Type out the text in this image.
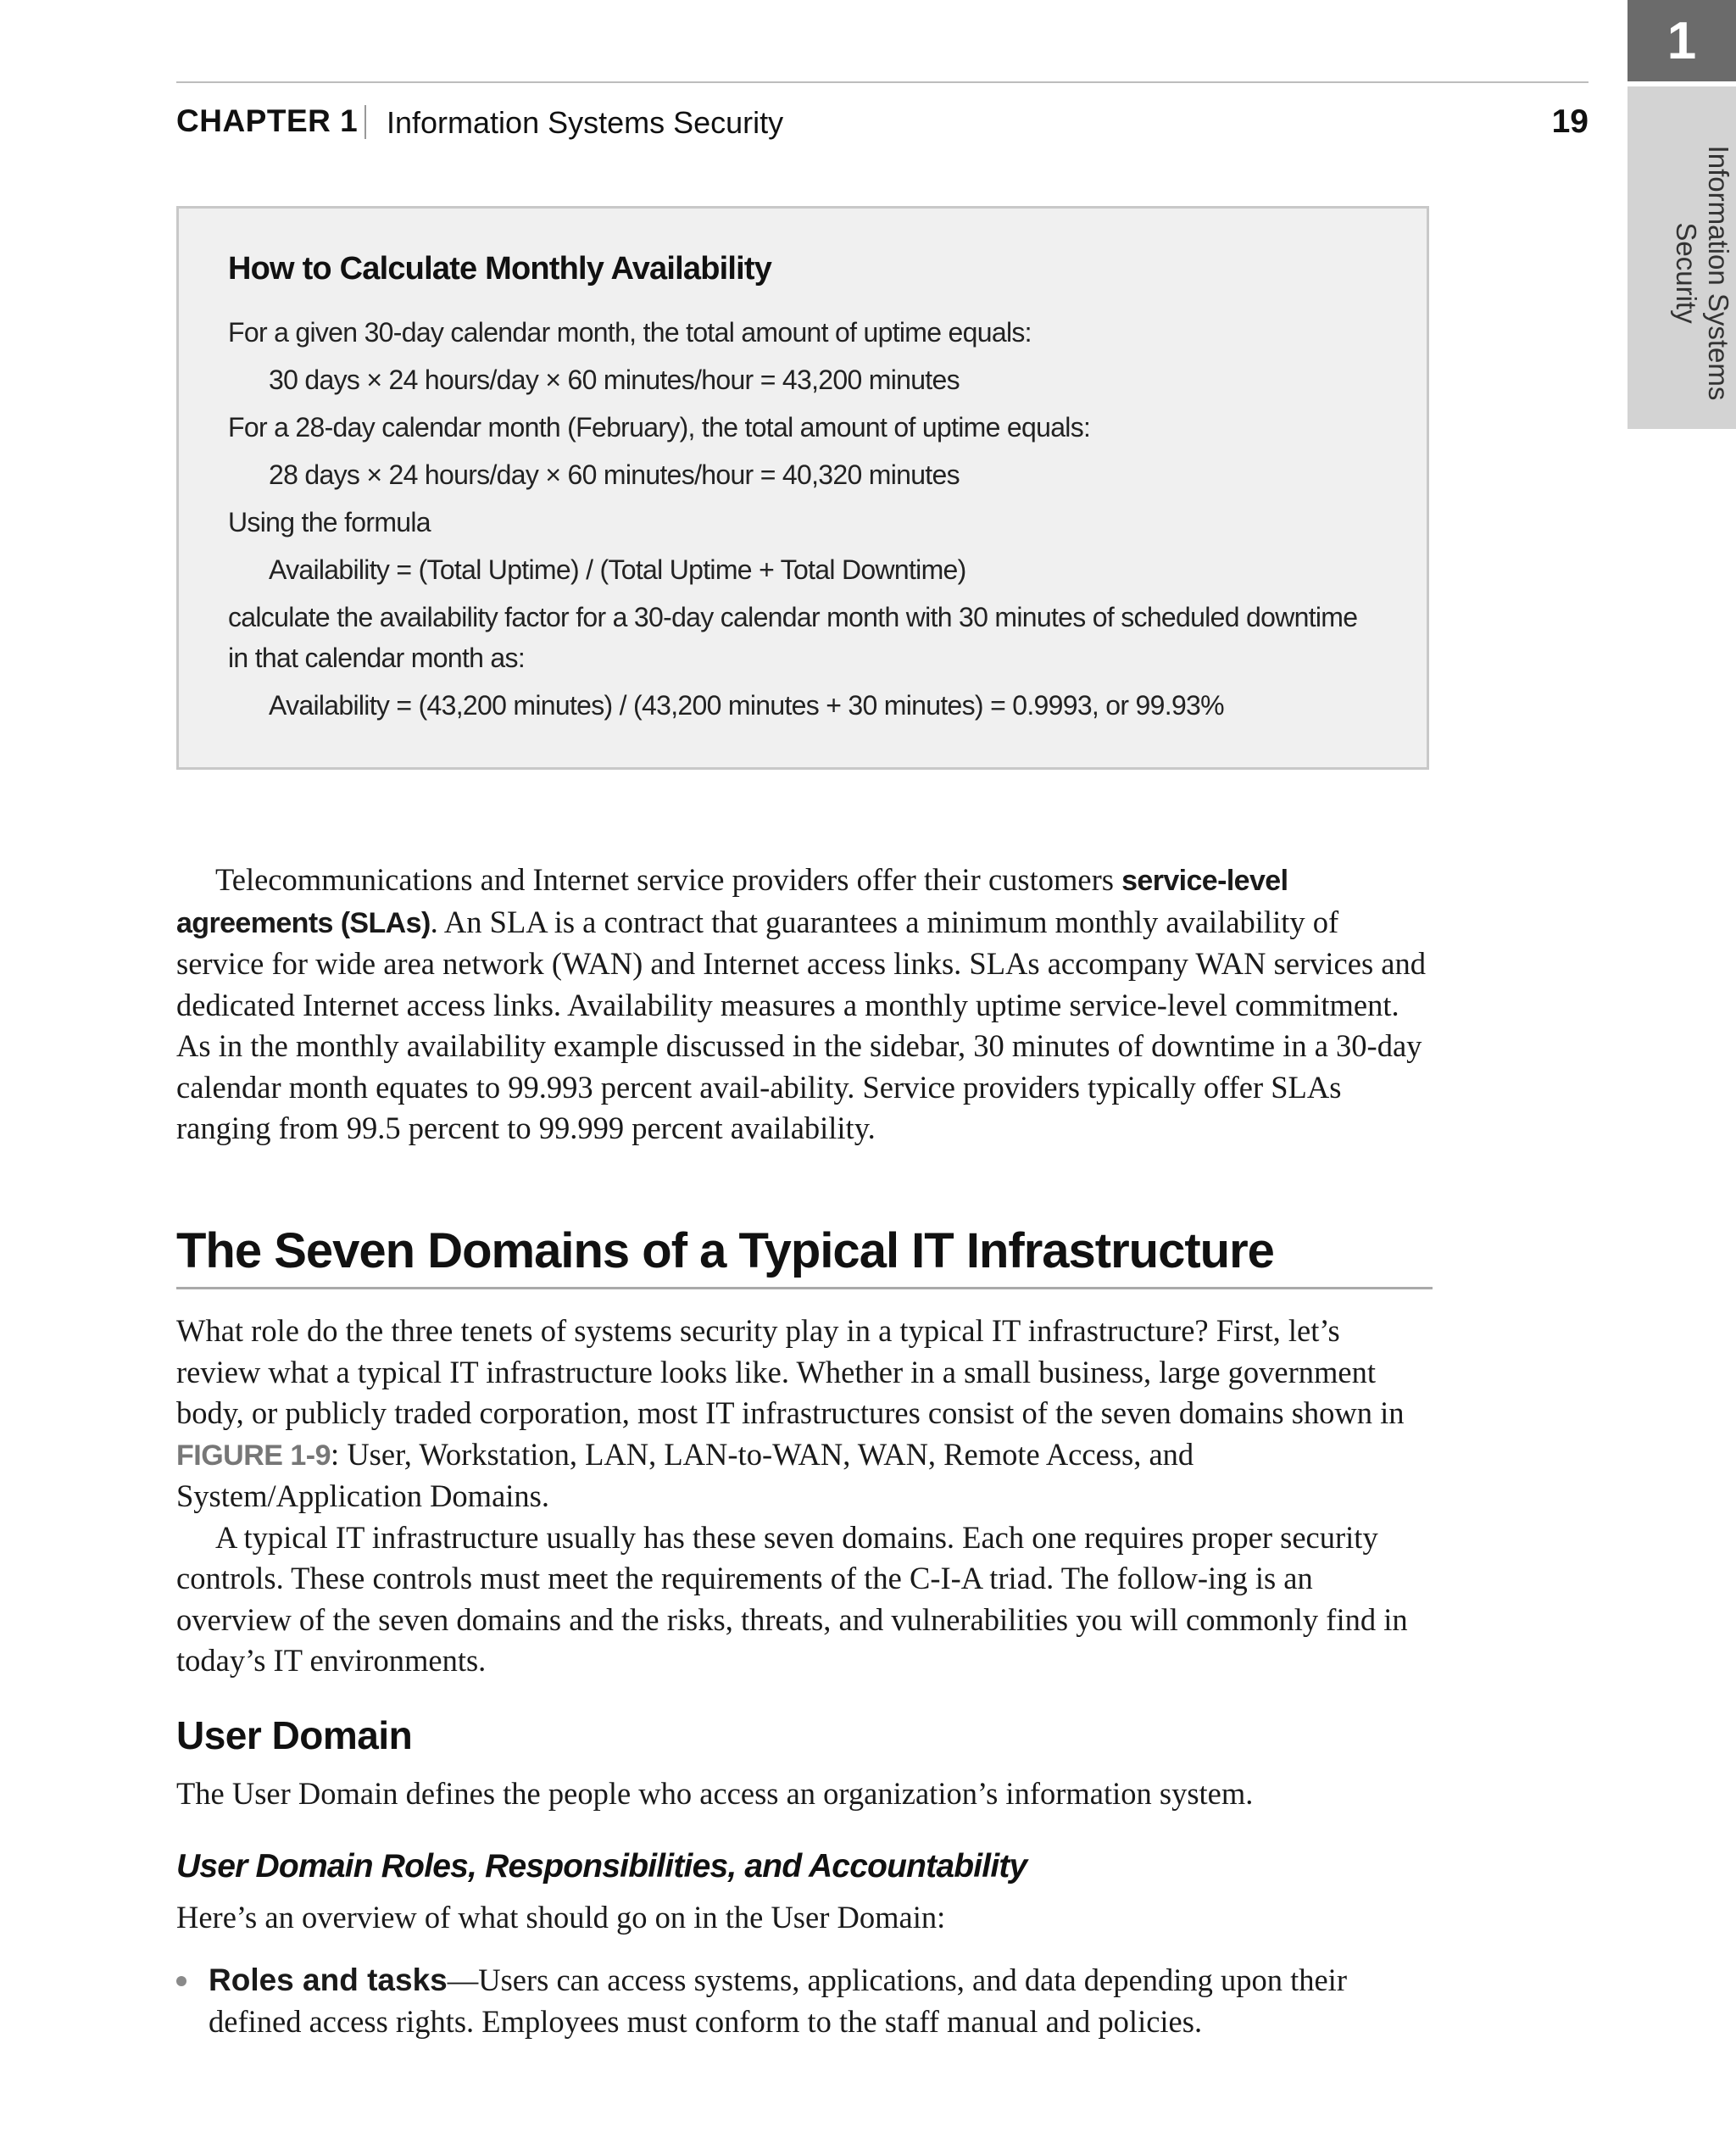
CHAPTER 1 Information Systems Security	19
1
Information Systems
Security
How to Calculate Monthly Availability
For a given 30-day calendar month, the total amount of uptime equals:
30 days × 24 hours/day × 60 minutes/hour = 43,200 minutes
For a 28-day calendar month (February), the total amount of uptime equals:
28 days × 24 hours/day × 60 minutes/hour = 40,320 minutes
Using the formula
Availability = (Total Uptime) / (Total Uptime + Total Downtime)
calculate the availability factor for a 30-day calendar month with 30 minutes of scheduled downtime
in that calendar month as:
Availability = (43,200 minutes) / (43,200 minutes + 30 minutes) = 0.9993, or 99.93%

Telecommunications and Internet service providers offer their customers service-level agreements (SLAs). An SLA is a contract that guarantees a minimum monthly availability of service for wide area network (WAN) and Internet access links. SLAs accompany WAN services and dedicated Internet access links. Availability measures a monthly uptime service-level commitment. As in the monthly availability example discussed in the sidebar, 30 minutes of downtime in a 30-day calendar month equates to 99.993 percent avail-ability. Service providers typically offer SLAs ranging from 99.5 percent to 99.999 percent availability.

The Seven Domains of a Typical IT Infrastructure

What role do the three tenets of systems security play in a typical IT infrastructure? First, let’s review what a typical IT infrastructure looks like. Whether in a small business, large government body, or publicly traded corporation, most IT infrastructures consist of the seven domains shown in FIGURE 1-9: User, Workstation, LAN, LAN-to-WAN, WAN, Remote Access, and System/Application Domains.

A typical IT infrastructure usually has these seven domains. Each one requires proper security controls. These controls must meet the requirements of the C-I-A triad. The follow-ing is an overview of the seven domains and the risks, threats, and vulnerabilities you will commonly find in today’s IT environments.

User Domain
The User Domain defines the people who access an organization’s information system.
User Domain Roles, Responsibilities, and Accountability
Here’s an overview of what should go on in the User Domain:
Roles and tasks—Users can access systems, applications, and data depending upon their defined access rights. Employees must conform to the staff manual and policies.
